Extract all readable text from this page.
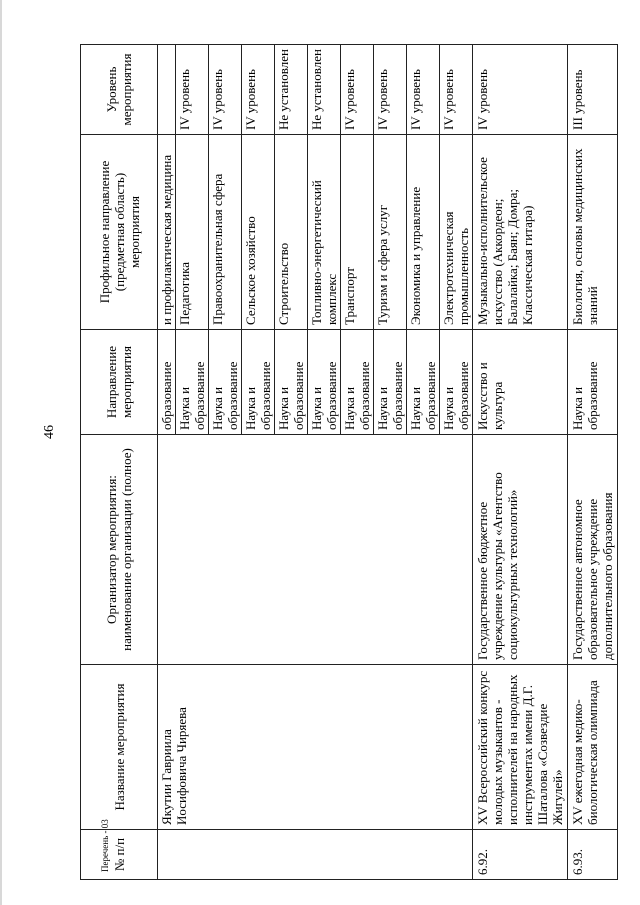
46
№ п/п	Название мероприятия	Организатор мероприятия: наименование организации (полное)	Направление мероприятия	Профильное направление (предметная область) мероприятия	Уровень мероприятия
	Якутии Гавриила Иосифовича Чиряева		образование	и профилактическая медицина	
			Наука и образование	Педагогика	IV уровень
			Наука и образование	Правоохранительная сфера	IV уровень
			Наука и образование	Сельское хозяйство	IV уровень
			Наука и образование	Строительство	Не установлен
			Наука и образование	Топливно-энергетический комплекс	Не установлен
			Наука и образование	Транспорт	IV уровень
			Наука и образование	Туризм и сфера услуг	IV уровень
			Наука и образование	Экономика и управление	IV уровень
			Наука и образование	Электротехническая промышленность	IV уровень
6.92.	XV Всероссийский конкурс молодых музыкантов - исполнителей на народных инструментах имени Д.Г. Шаталова «Созвездие Жигулей»	Государственное бюджетное учреждение культуры «Агентство социокультурных технологий»	Искусство и культура	Музыкально-исполнительское искусство (Аккордеон; Балалайка; Баян; Домра; Классическая гитара)	IV уровень
6.93.	XV ежегодная медико-биологическая олимпиада	Государственное автономное образовательное учреждение дополнительного образования	Наука и образование	Биология, основы медицинских знаний	III уровень
Перечень - 03
